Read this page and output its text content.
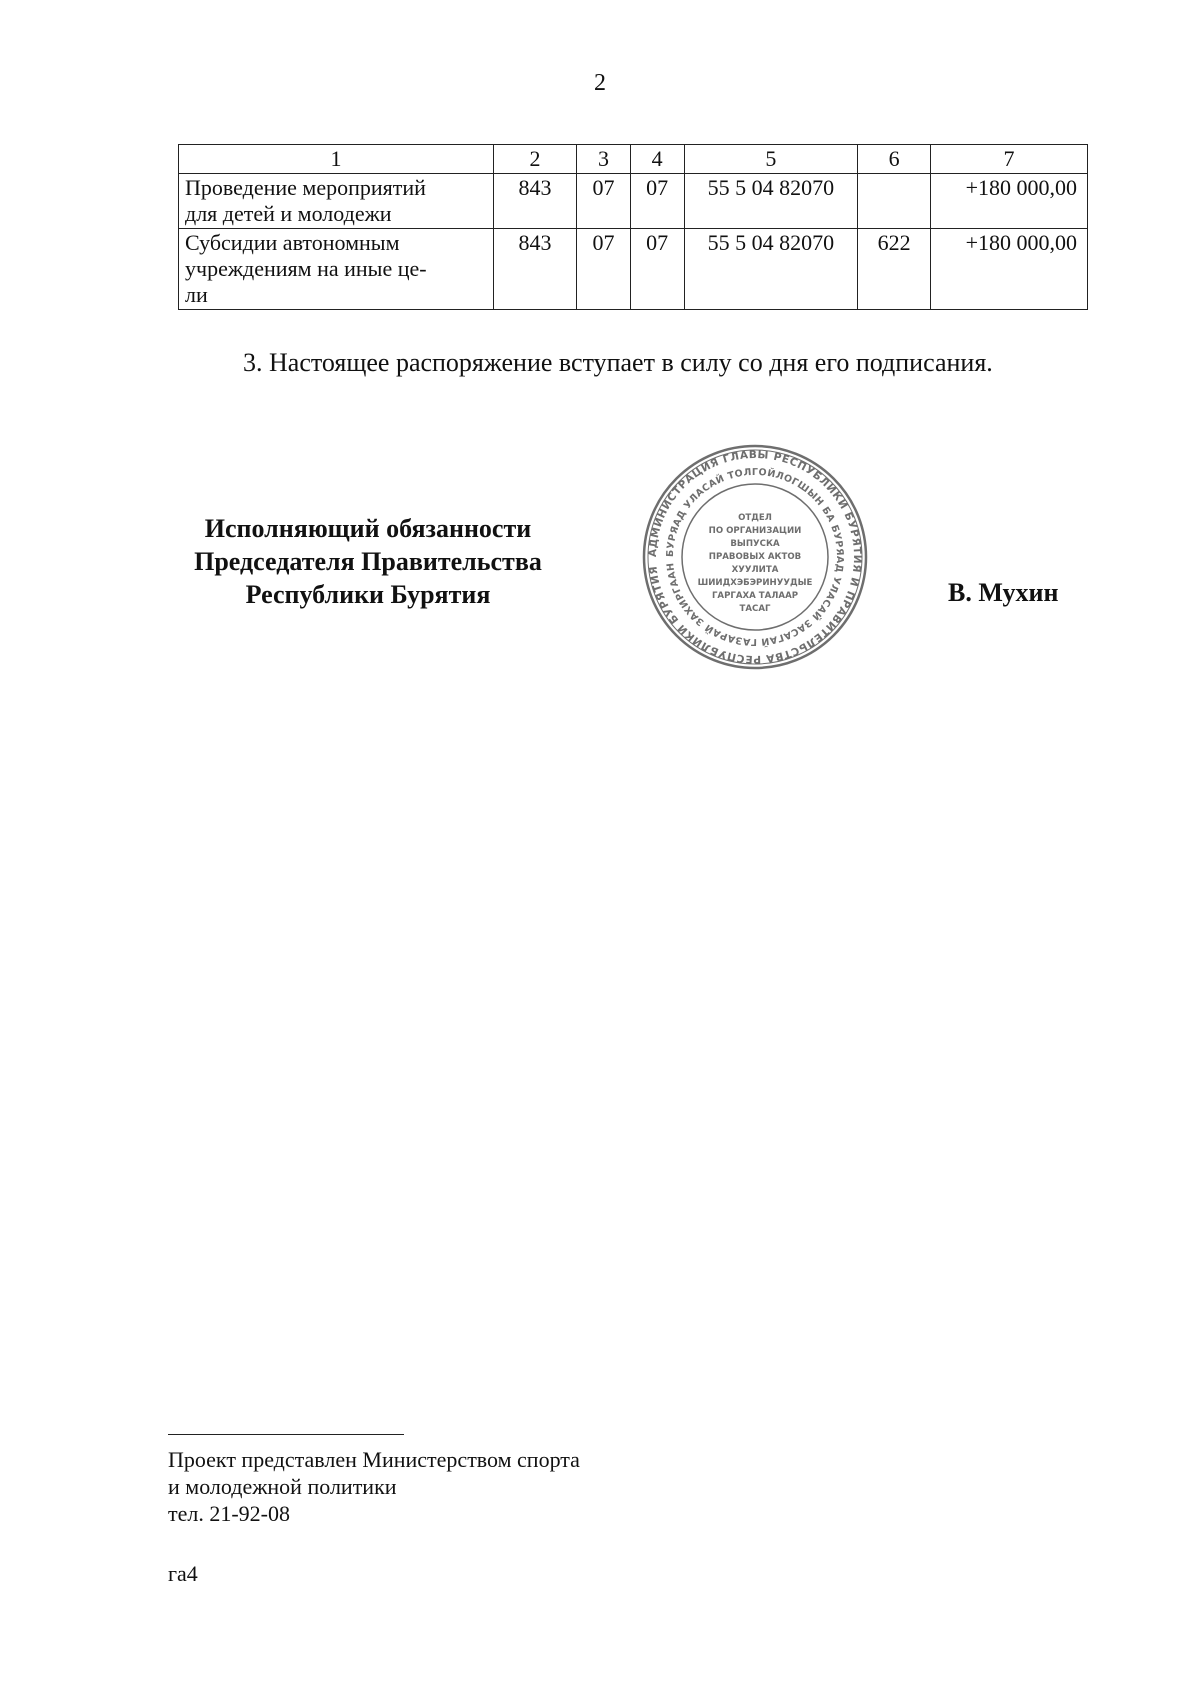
2
1	2	3	4	5	6	7

Проведение мероприятий
для детей и молодежи	843	07	07	55 5 04 82070		+180 000,00

Субсидии автономным
учреждениям на иные це-
ли	843	07	07	55 5 04 82070	622	+180 000,00
3. Настоящее распоряжение вступает в силу со дня его подписания.
Исполняющий обязанности
Председателя Правительства
Республики Бурятия
АДМИНИСТРАЦИЯ ГЛАВЫ РЕСПУБЛИКИ БУРЯТИЯ И ПРАВИТЕЛЬСТВА РЕСПУБЛИКИ БУРЯТИЯ
БУРЯАД УЛАСАЙ ТОЛГОЙЛОГШЫН БА БУРЯАД УЛАСАЙ ЗАСАГАЙ ГАЗАРАЙ ЗАХИРГААН
ОТДЕЛ
ПО ОРГАНИЗАЦИИ
ВЫПУСКА
ПРАВОВЫХ АКТОВ
ХУУЛИТА
ШИИДХЭБЭРИНУУДЫЕ
ГАРГАХА ТАЛААР
ТАСАГ
В. Мухин
Проект представлен Министерством спорта
и молодежной политики
тел. 21-92-08
га4
